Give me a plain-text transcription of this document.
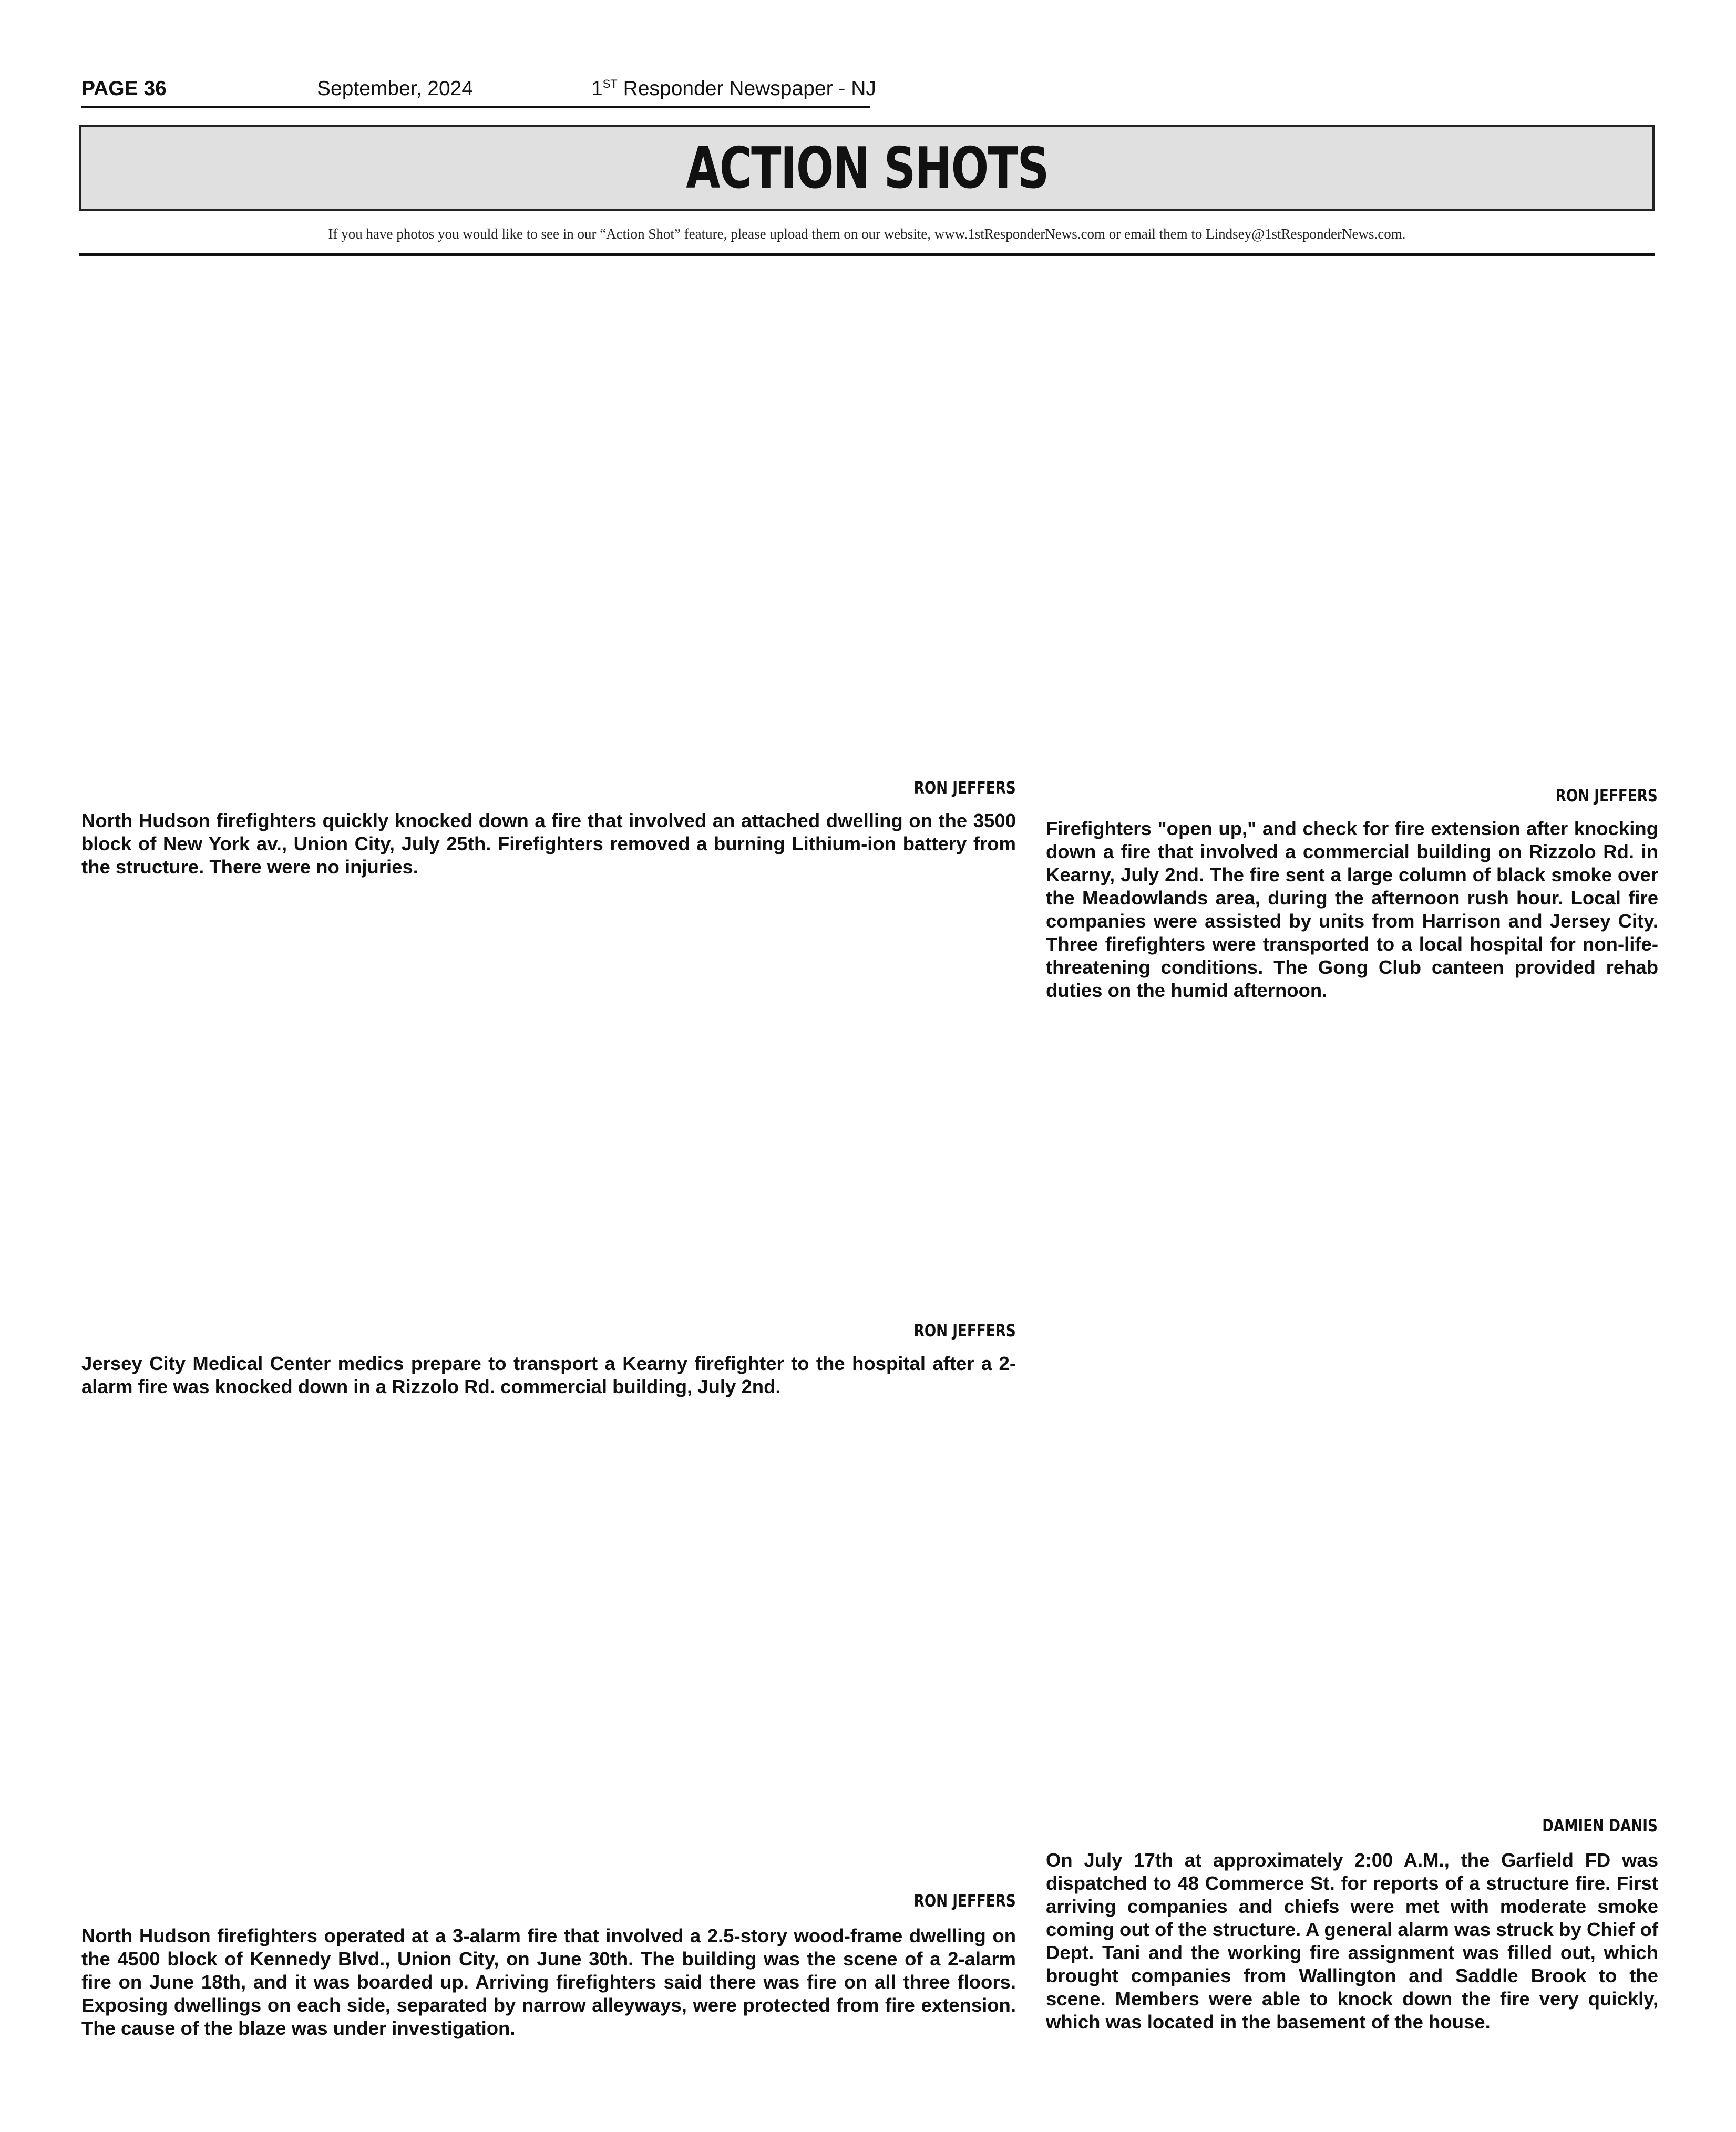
PAGE 36	September, 2024	1ST Responder Newspaper - NJ
ACTION SHOTS
If you have photos you would like to see in our “Action Shot” feature, please upload them on our website, www.1stResponderNews.com or email them to Lindsey@1stResponderNews.com.
RON JEFFERS
North Hudson firefighters quickly knocked down a fire that involved an attached dwelling on the 3500 block of New York av., Union City, July 25th. Firefighters removed a burning Lithium-ion battery from the structure. There were no injuries.
RON JEFFERS
Firefighters "open up," and check for fire extension after knocking down a fire that involved a commercial building on Rizzolo Rd. in Kearny, July 2nd. The fire sent a large column of black smoke over the Meadowlands area, during the afternoon rush hour. Local fire companies were assisted by units from Harrison and Jersey City. Three firefighters were transported to a local hospital for non-life-threatening conditions. The Gong Club canteen provided rehab duties on the humid afternoon.
RON JEFFERS
Jersey City Medical Center medics prepare to transport a Kearny firefighter to the hospital after a 2-alarm fire was knocked down in a Rizzolo Rd. commercial building, July 2nd.
DAMIEN DANIS
On July 17th at approximately 2:00 A.M., the Garfield FD was dispatched to 48 Commerce St. for reports of a structure fire. First arriving companies and chiefs were met with moderate smoke coming out of the structure. A general alarm was struck by Chief of Dept. Tani and the working fire assignment was filled out, which brought companies from Wallington and Saddle Brook to the scene. Members were able to knock down the fire very quickly, which was located in the basement of the house.
RON JEFFERS
North Hudson firefighters operated at a 3-alarm fire that involved a 2.5-story wood-frame dwelling on the 4500 block of Kennedy Blvd., Union City, on June 30th. The building was the scene of a 2-alarm fire on June 18th, and it was boarded up. Arriving firefighters said there was fire on all three floors. Exposing dwellings on each side, separated by narrow alleyways, were protected from fire extension. The cause of the blaze was under investigation.
